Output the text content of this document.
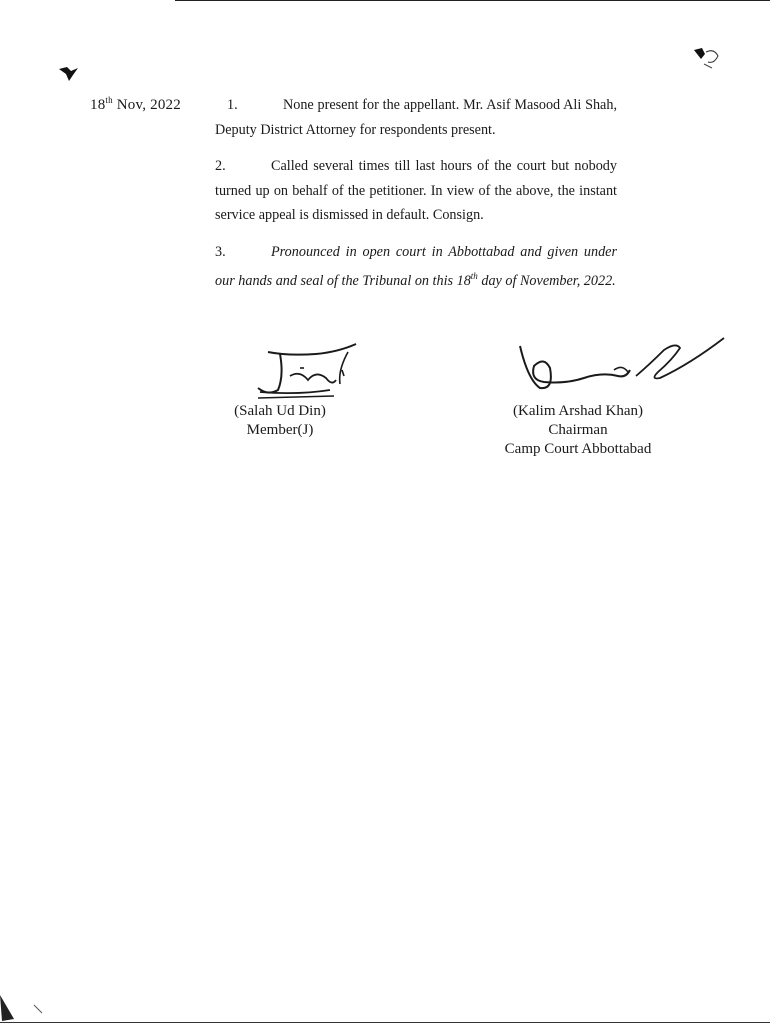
18th Nov, 2022	1.	None present for the appellant. Mr. Asif Masood Ali Shah, Deputy District Attorney for respondents present.

2.	Called several times till last hours of the court but nobody turned up on behalf of the petitioner. In view of the above, the instant service appeal is dismissed in default. Consign.

3.	Pronounced in open court in Abbottabad and given under our hands and seal of the Tribunal on this 18th day of November, 2022.

(Salah Ud Din)
Member(J)
(Kalim Arshad Khan)
Chairman
Camp Court Abbottabad
